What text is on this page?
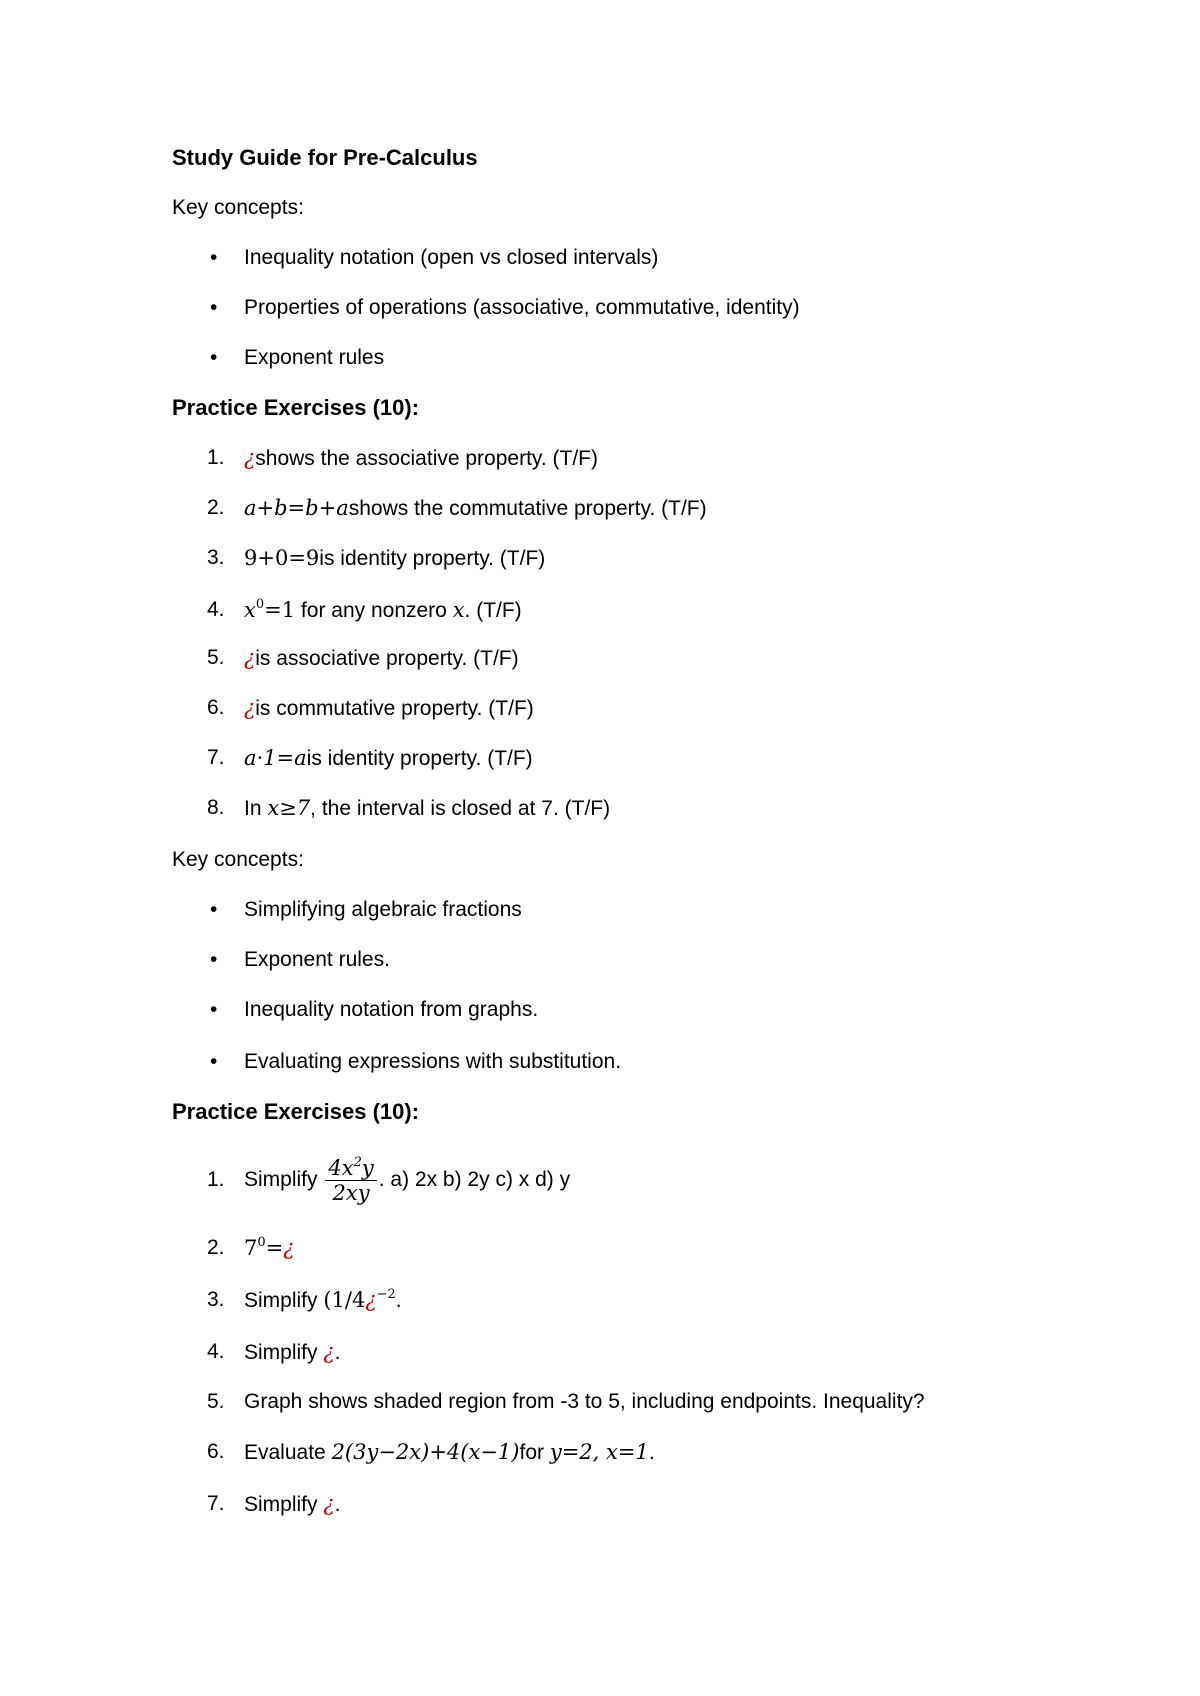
Study Guide for Pre-Calculus
Key concepts:
• Inequality notation (open vs closed intervals)
• Properties of operations (associative, commutative, identity)
• Exponent rules
Practice Exercises (10):
1. ¿shows the associative property. (T/F)
2. a+b=b+ashows the commutative property. (T/F)
3. 9+0=9is identity property. (T/F)
4. $x^0=1$ for any nonzero x. (T/F)
5. ¿is associative property. (T/F)
6. ¿is commutative property. (T/F)
7. a·1=ais identity property. (T/F)
8. In x≥7, the interval is closed at 7. (T/F)
Key concepts:
• Simplifying algebraic fractions
• Exponent rules.
• Inequality notation from graphs.
• Evaluating expressions with substitution.
Practice Exercises (10):
1. Simplify $\frac{4x^2y}{2xy}$ . a) 2x b) 2y c) x d) y
2. $7^0=¿$
3. Simplify (1/4¿$^{-2}$.
4. Simplify ¿.
5. Graph shows shaded region from -3 to 5, including endpoints. Inequality?
6. Evaluate 2(3y−2x)+4(x−1)for y=2, x=1.
7. Simplify ¿.
